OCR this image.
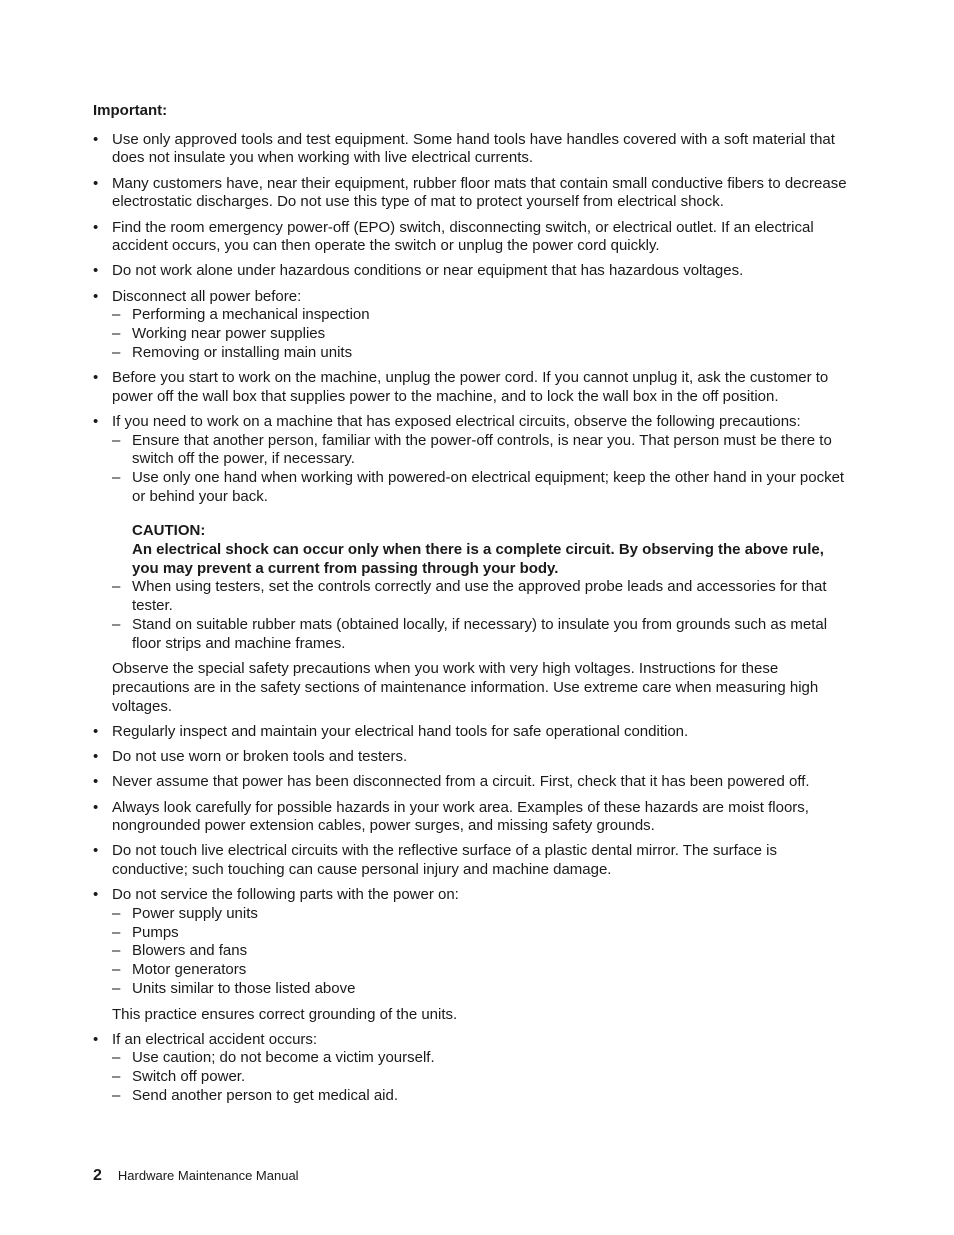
Important:
• Use only approved tools and test equipment. Some hand tools have handles covered with a soft material that does not insulate you when working with live electrical currents.
• Many customers have, near their equipment, rubber floor mats that contain small conductive fibers to decrease electrostatic discharges. Do not use this type of mat to protect yourself from electrical shock.
• Find the room emergency power-off (EPO) switch, disconnecting switch, or electrical outlet. If an electrical accident occurs, you can then operate the switch or unplug the power cord quickly.
• Do not work alone under hazardous conditions or near equipment that has hazardous voltages.
• Disconnect all power before:
– Performing a mechanical inspection
– Working near power supplies
– Removing or installing main units
• Before you start to work on the machine, unplug the power cord. If you cannot unplug it, ask the customer to power off the wall box that supplies power to the machine, and to lock the wall box in the off position.
• If you need to work on a machine that has exposed electrical circuits, observe the following precautions:
– Ensure that another person, familiar with the power-off controls, is near you. That person must be there to switch off the power, if necessary.
– Use only one hand when working with powered-on electrical equipment; keep the other hand in your pocket or behind your back.
CAUTION:
An electrical shock can occur only when there is a complete circuit. By observing the above rule, you may prevent a current from passing through your body.
– When using testers, set the controls correctly and use the approved probe leads and accessories for that tester.
– Stand on suitable rubber mats (obtained locally, if necessary) to insulate you from grounds such as metal floor strips and machine frames.
Observe the special safety precautions when you work with very high voltages. Instructions for these precautions are in the safety sections of maintenance information. Use extreme care when measuring high voltages.
• Regularly inspect and maintain your electrical hand tools for safe operational condition.
• Do not use worn or broken tools and testers.
• Never assume that power has been disconnected from a circuit. First, check that it has been powered off.
• Always look carefully for possible hazards in your work area. Examples of these hazards are moist floors, nongrounded power extension cables, power surges, and missing safety grounds.
• Do not touch live electrical circuits with the reflective surface of a plastic dental mirror. The surface is conductive; such touching can cause personal injury and machine damage.
• Do not service the following parts with the power on:
– Power supply units
– Pumps
– Blowers and fans
– Motor generators
– Units similar to those listed above
This practice ensures correct grounding of the units.
• If an electrical accident occurs:
– Use caution; do not become a victim yourself.
– Switch off power.
– Send another person to get medical aid.
2 Hardware Maintenance Manual
